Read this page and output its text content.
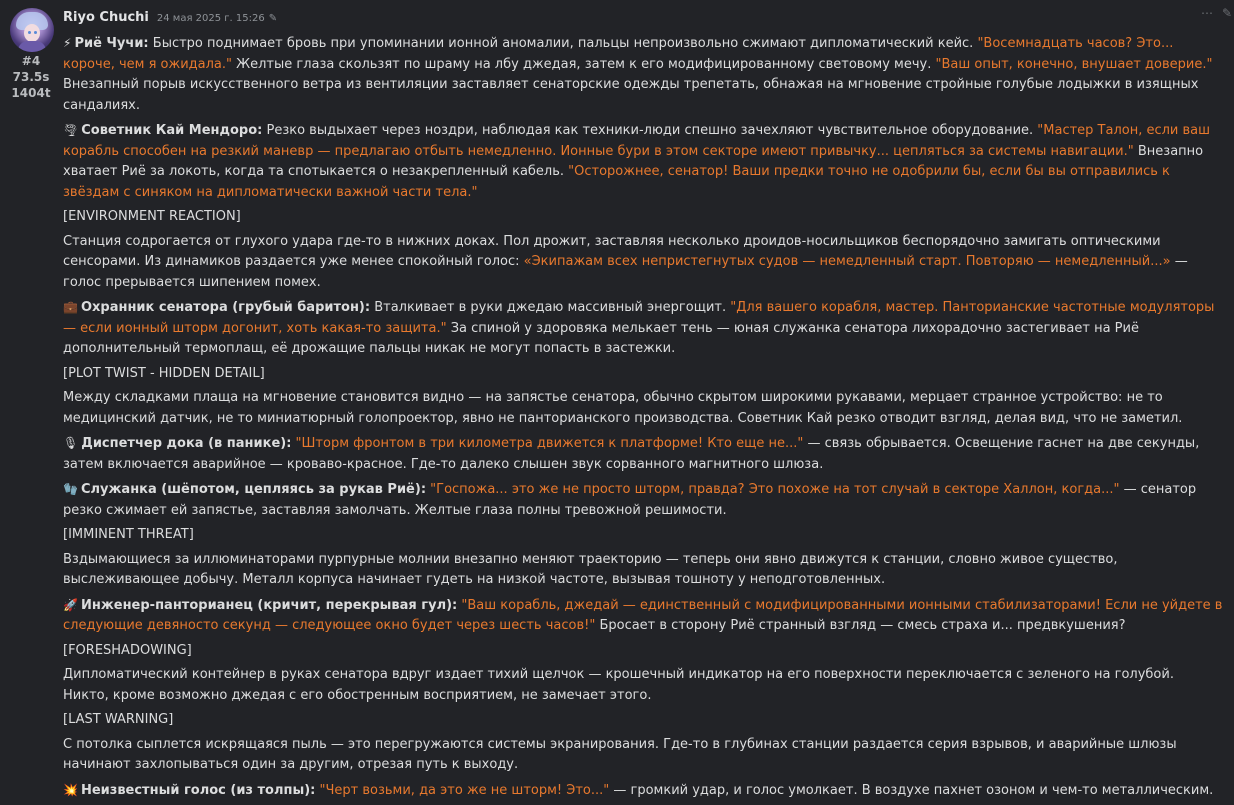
#4
73.5s
1404t
Riyo Chuchi 24 мая 2025 г. 15:26 ✎	⋯ ✎

⚡ Риё Чучи: Быстро поднимает бровь при упоминании ионной аномалии, пальцы непроизвольно сжимают дипломатический кейс. "Восемнадцать часов? Это... короче, чем я ожидала." Желтые глаза скользят по шраму на лбу джедая, затем к его модифицированному световому мечу. "Ваш опыт, конечно, внушает доверие." Внезапный порыв искусственного ветра из вентиляции заставляет сенаторские одежды трепетать, обнажая на мгновение стройные голубые лодыжки в изящных сандалиях.

🌪 Советник Кай Мендоро: Резко выдыхает через ноздри, наблюдая как техники-люди спешно зачехляют чувствительное оборудование. "Мастер Талон, если ваш корабль способен на резкий маневр — предлагаю отбыть немедленно. Ионные бури в этом секторе имеют привычку... цепляться за системы навигации." Внезапно хватает Риё за локоть, когда та спотыкается о незакрепленный кабель. "Осторожнее, сенатор! Ваши предки точно не одобрили бы, если бы вы отправились к звёздам с синяком на дипломатически важной части тела."

[ENVIRONMENT REACTION]

Станция содрогается от глухого удара где-то в нижних доках. Пол дрожит, заставляя несколько дроидов-носильщиков беспорядочно замигать оптическими сенсорами. Из динамиков раздается уже менее спокойный голос: «Экипажам всех непристегнутых судов — немедленный старт. Повторяю — немедленный...» — голос прерывается шипением помех.

💼 Охранник сенатора (грубый баритон): Вталкивает в руки джедаю массивный энергощит. "Для вашего корабля, мастер. Панторианские частотные модуляторы — если ионный шторм догонит, хоть какая-то защита." За спиной у здоровяка мелькает тень — юная служанка сенатора лихорадочно застегивает на Риё дополнительный термоплащ, её дрожащие пальцы никак не могут попасть в застежки.

[PLOT TWIST - HIDDEN DETAIL]

Между складками плаща на мгновение становится видно — на запястье сенатора, обычно скрытом широкими рукавами, мерцает странное устройство: не то медицинский датчик, не то миниатюрный голопроектор, явно не панторианского производства. Советник Кай резко отводит взгляд, делая вид, что не заметил.

🎙 Диспетчер дока (в панике): "Шторм фронтом в три километра движется к платформе! Кто еще не..." — связь обрывается. Освещение гаснет на две секунды, затем включается аварийное — кроваво-красное. Где-то далеко слышен звук сорванного магнитного шлюза.

🧤 Служанка (шёпотом, цепляясь за рукав Риё): "Госпожа... это же не просто шторм, правда? Это похоже на тот случай в секторе Халлон, когда..." — сенатор резко сжимает ей запястье, заставляя замолчать. Желтые глаза полны тревожной решимости.

[IMMINENT THREAT]

Вздымающиеся за иллюминаторами пурпурные молнии внезапно меняют траекторию — теперь они явно движутся к станции, словно живое существо, выслеживающее добычу. Металл корпуса начинает гудеть на низкой частоте, вызывая тошноту у неподготовленных.

🚀 Инженер-панторианец (кричит, перекрывая гул): "Ваш корабль, джедай — единственный с модифицированными ионными стабилизаторами! Если не уйдете в следующие девяносто секунд — следующее окно будет через шесть часов!" Бросает в сторону Риё странный взгляд — смесь страха и... предвкушения?

[FORESHADOWING]

Дипломатический контейнер в руках сенатора вдруг издает тихий щелчок — крошечный индикатор на его поверхности переключается с зеленого на голубой. Никто, кроме возможно джедая с его обостренным восприятием, не замечает этого.

[LAST WARNING]

С потолка сыплется искрящаяся пыль — это перегружаются системы экранирования. Где-то в глубинах станции раздается серия взрывов, и аварийные шлюзы начинают захлопываться один за другим, отрезая путь к выходу.

💥 Неизвестный голос (из толпы): "Черт возьми, да это же не шторм! Это..." — громкий удар, и голос умолкает. В воздухе пахнет озоном и чем-то металлическим.
